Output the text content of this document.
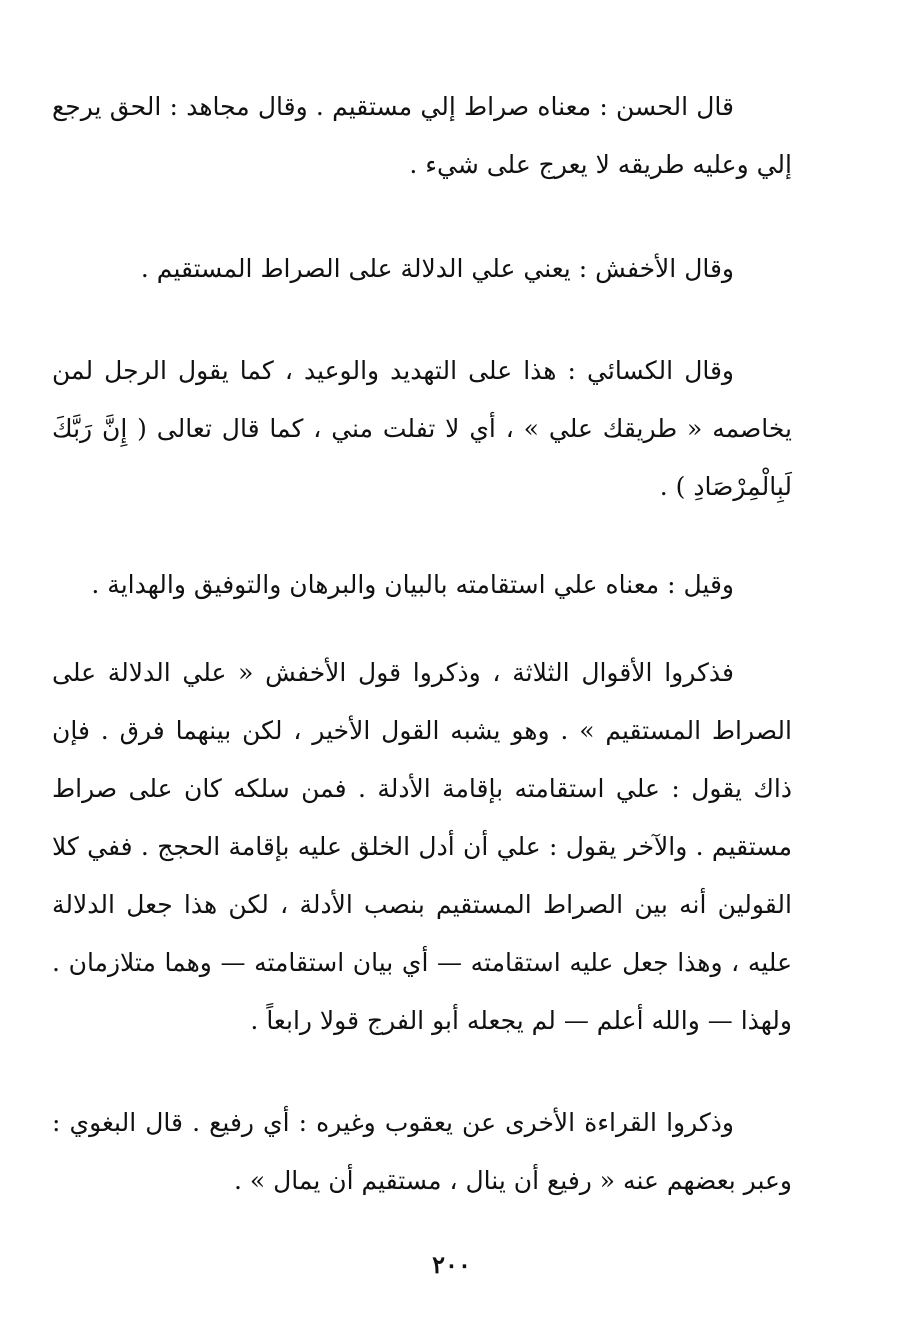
قال الحسن : معناه صراط إلي مستقيم . وقال مجاهد : الحق يرجع إلي وعليه طريقه لا يعرج على شيء .

وقال الأخفش : يعني علي الدلالة على الصراط المستقيم .

وقال الكسائي : هذا على التهديد والوعيد ، كما يقول الرجل لمن يخاصمه « طريقك علي » ، أي لا تفلت مني ، كما قال تعالى ( إِنَّ رَبَّكَ لَبِالْمِرْصَادِ ) .

وقيل : معناه علي استقامته بالبيان والبرهان والتوفيق والهداية .

فذكروا الأقوال الثلاثة ، وذكروا قول الأخفش « علي الدلالة على الصراط المستقيم » . وهو يشبه القول الأخير ، لكن بينهما فرق . فإن ذاك يقول : علي استقامته بإقامة الأدلة . فمن سلكه كان على صراط مستقيم . والآخر يقول : علي أن أدل الخلق عليه بإقامة الحجج . ففي كلا القولين أنه بين الصراط المستقيم بنصب الأدلة ، لكن هذا جعل الدلالة عليه ، وهذا جعل عليه استقامته — أي بيان استقامته — وهما متلازمان . ولهذا — والله أعلم — لم يجعله أبو الفرج قولا رابعاً .

وذكروا القراءة الأخرى عن يعقوب وغيره : أي رفيع . قال البغوي : وعبر بعضهم عنه « رفيع أن ينال ، مستقيم أن يمال » .

٢٠٠
